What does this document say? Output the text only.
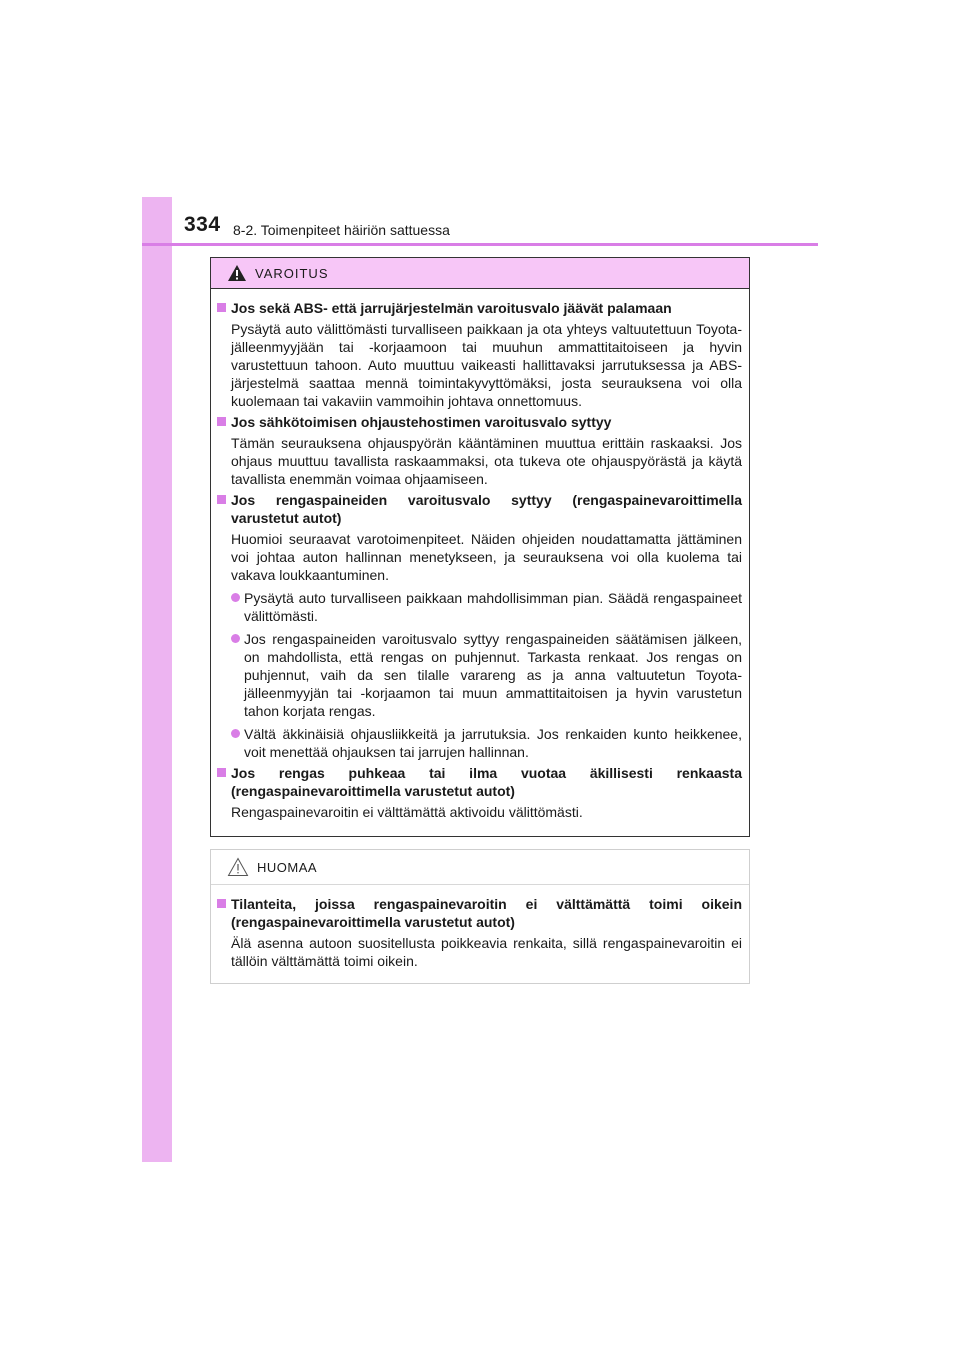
334 8-2. Toimenpiteet häiriön sattuessa
VAROITUS
Jos sekä ABS- että jarrujärjestelmän varoitusvalo jäävät palamaan
Pysäytä auto välittömästi turvalliseen paikkaan ja ota yhteys valtuutettuun Toyota-jälleenmyyjään tai -korjaamoon tai muuhun ammattitaitoiseen ja hyvin varustettuun tahoon. Auto muuttuu vaikeasti hallittavaksi jarrutuksessa ja ABS-järjestelmä saattaa mennä toimintakyvyttömäksi, josta seurauksena voi olla kuolemaan tai vakaviin vammoihin johtava onnettomuus.
Jos sähkötoimisen ohjaustehostimen varoitusvalo syttyy
Tämän seurauksena ohjauspyörän kääntäminen muuttua erittäin raskaaksi. Jos ohjaus muuttuu tavallista raskaammaksi, ota tukeva ote ohjauspyörästä ja käytä tavallista enemmän voimaa ohjaamiseen.
Jos rengaspaineiden varoitusvalo syttyy (rengaspainevaroittimella varustetut autot)
Huomioi seuraavat varotoimenpiteet. Näiden ohjeiden noudattamatta jättäminen voi johtaa auton hallinnan menetykseen, ja seurauksena voi olla kuolema tai vakava loukkaantuminen.
Pysäytä auto turvalliseen paikkaan mahdollisimman pian. Säädä rengaspaineet välittömästi.
Jos rengaspaineiden varoitusvalo syttyy rengaspaineiden säätämisen jälkeen, on mahdollista, että rengas on puhjennut. Tarkasta renkaat. Jos rengas on puhjennut, vaih da sen tilalle varareng as ja anna valtuutetun Toyota-jälleenmyyjän tai -korjaamon tai muun ammattitaitoisen ja hyvin varustetun tahon korjata rengas.
Vältä äkkinäisiä ohjausliikkeitä ja jarrutuksia. Jos renkaiden kunto heikkenee, voit menettää ohjauksen tai jarrujen hallinnan.
Jos rengas puhkeaa tai ilma vuotaa äkillisesti renkaasta (rengaspainevaroittimella varustetut autot)
Rengaspainevaroitin ei välttämättä aktivoidu välittömästi.
HUOMAA
Tilanteita, joissa rengaspainevaroitin ei välttämättä toimi oikein (rengaspainevaroittimella varustetut autot)
Älä asenna autoon suositellusta poikkeavia renkaita, sillä rengaspainevaroitin ei tällöin välttämättä toimi oikein.
